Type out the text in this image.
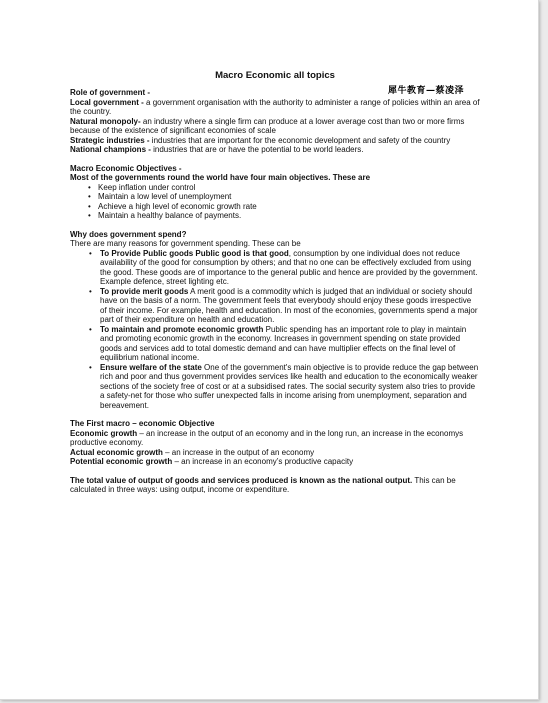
犀牛教育—蔡凌泽

Macro Economic all topics

Role of government -

Local government - a government organisation with the authority to administer a range of policies within an area of the country.

Natural monopoly- an industry where a single firm can produce at a lower average cost than two or more firms because of the existence of significant economies of scale

Strategic industries - industries that are important for the economic development and safety of the country

National champions - industries that are or have the potential to be world leaders.

Macro Economic Objectives -

Most of the governments round the world have four main objectives. These are

• Keep inflation under control
• Maintain a low level of unemployment
• Achieve a high level of economic growth rate
• Maintain a healthy balance of payments.

Why does government spend?

There are many reasons for government spending. These can be

• To Provide Public goods Public good is that good, consumption by one individual does not reduce availability of the good for consumption by others; and that no one can be effectively excluded from using the good. These goods are of importance to the general public and hence are provided by the government. Example defence, street lighting etc.
• To provide merit goods A merit good is a commodity which is judged that an individual or society should have on the basis of a norm. The government feels that everybody should enjoy these goods irrespective of their income. For example, health and education. In most of the economies, governments spend a major part of their expenditure on health and education.
• To maintain and promote economic growth Public spending has an important role to play in maintain and promoting economic growth in the economy. Increases in government spending on state provided goods and services add to total domestic demand and can have multiplier effects on the final level of equilibrium national income.
• Ensure welfare of the state One of the government's main objective is to provide reduce the gap between rich and poor and thus government provides services like health and education to the economically weaker sections of the society free of cost or at a subsidised rates. The social security system also tries to provide a safety-net for those who suffer unexpected falls in income arising from unemployment, separation and bereavement.

The First macro – economic Objective

Economic growth – an increase in the output of an economy and in the long run, an increase in the economys productive economy.

Actual economic growth – an increase in the output of an economy

Potential economic growth – an increase in an economy’s productive capacity

The total value of output of goods and services produced is known as the national output. This can be calculated in three ways: using output, income or expenditure.
